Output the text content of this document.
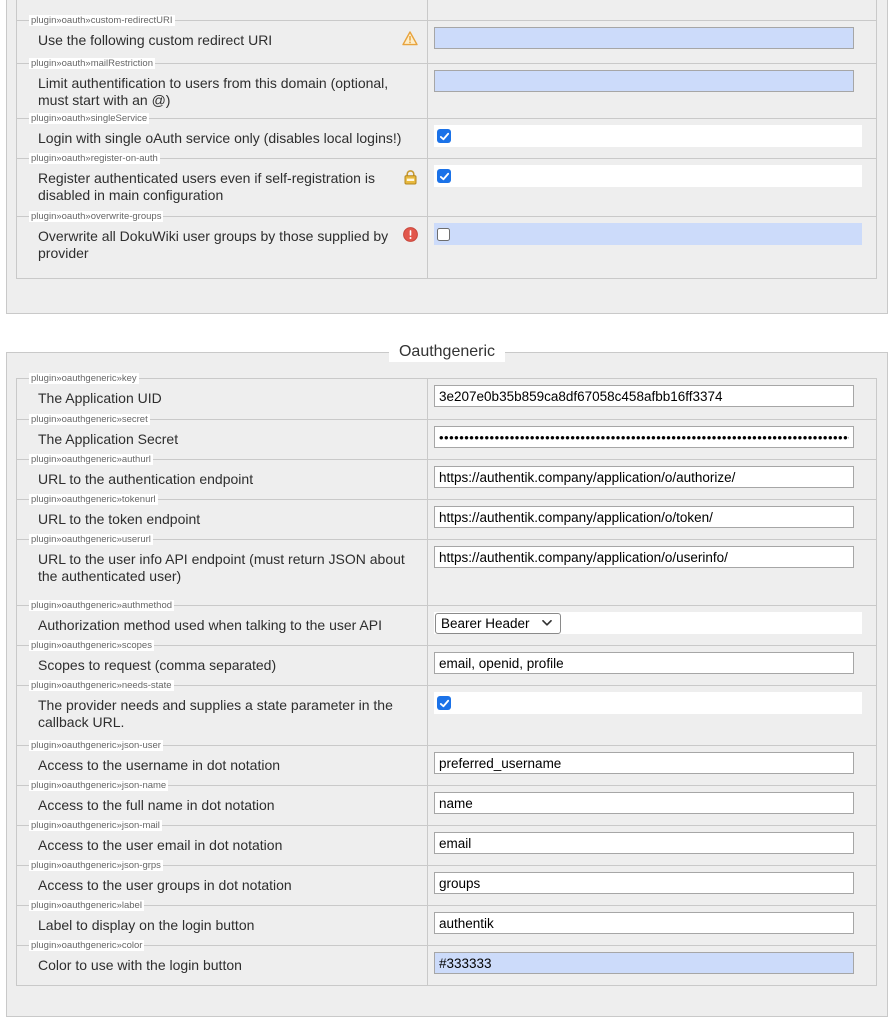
plugin»oauth»custom-redirectURI
Use the following custom redirect URI
plugin»oauth»mailRestriction
Limit authentification to users from this domain (optional, must start with an @)
plugin»oauth»singleService
Login with single oAuth service only (disables local logins!)
plugin»oauth»register-on-auth
Register authenticated users even if self-registration is disabled in main configuration
plugin»oauth»overwrite-groups
Overwrite all DokuWiki user groups by those supplied by provider
Oauthgeneric
plugin»oauthgeneric»key
The Application UID
3e207e0b35b859ca8df67058c458afbb16ff3374
plugin»oauthgeneric»secret
The Application Secret
•••••••••••••••••••••••••••••••••••••••••••••••••••••••••••••••••••••••••••••••••••••••••••••••
plugin»oauthgeneric»authurl
URL to the authentication endpoint
https://authentik.company/application/o/authorize/
plugin»oauthgeneric»tokenurl
URL to the token endpoint
https://authentik.company/application/o/token/
plugin»oauthgeneric»userurl
URL to the user info API endpoint (must return JSON about the authenticated user)
https://authentik.company/application/o/userinfo/
plugin»oauthgeneric»authmethod
Authorization method used when talking to the user API	Bearer Header
plugin»oauthgeneric»scopes
Scopes to request (comma separated)
email, openid, profile
plugin»oauthgeneric»needs-state
The provider needs and supplies a state parameter in the callback URL.
plugin»oauthgeneric»json-user
Access to the username in dot notation
preferred_username
plugin»oauthgeneric»json-name
Access to the full name in dot notation
name
plugin»oauthgeneric»json-mail
Access to the user email in dot notation
email
plugin»oauthgeneric»json-grps
Access to the user groups in dot notation
groups
plugin»oauthgeneric»label
Label to display on the login button
authentik
plugin»oauthgeneric»color
Color to use with the login button
#333333
